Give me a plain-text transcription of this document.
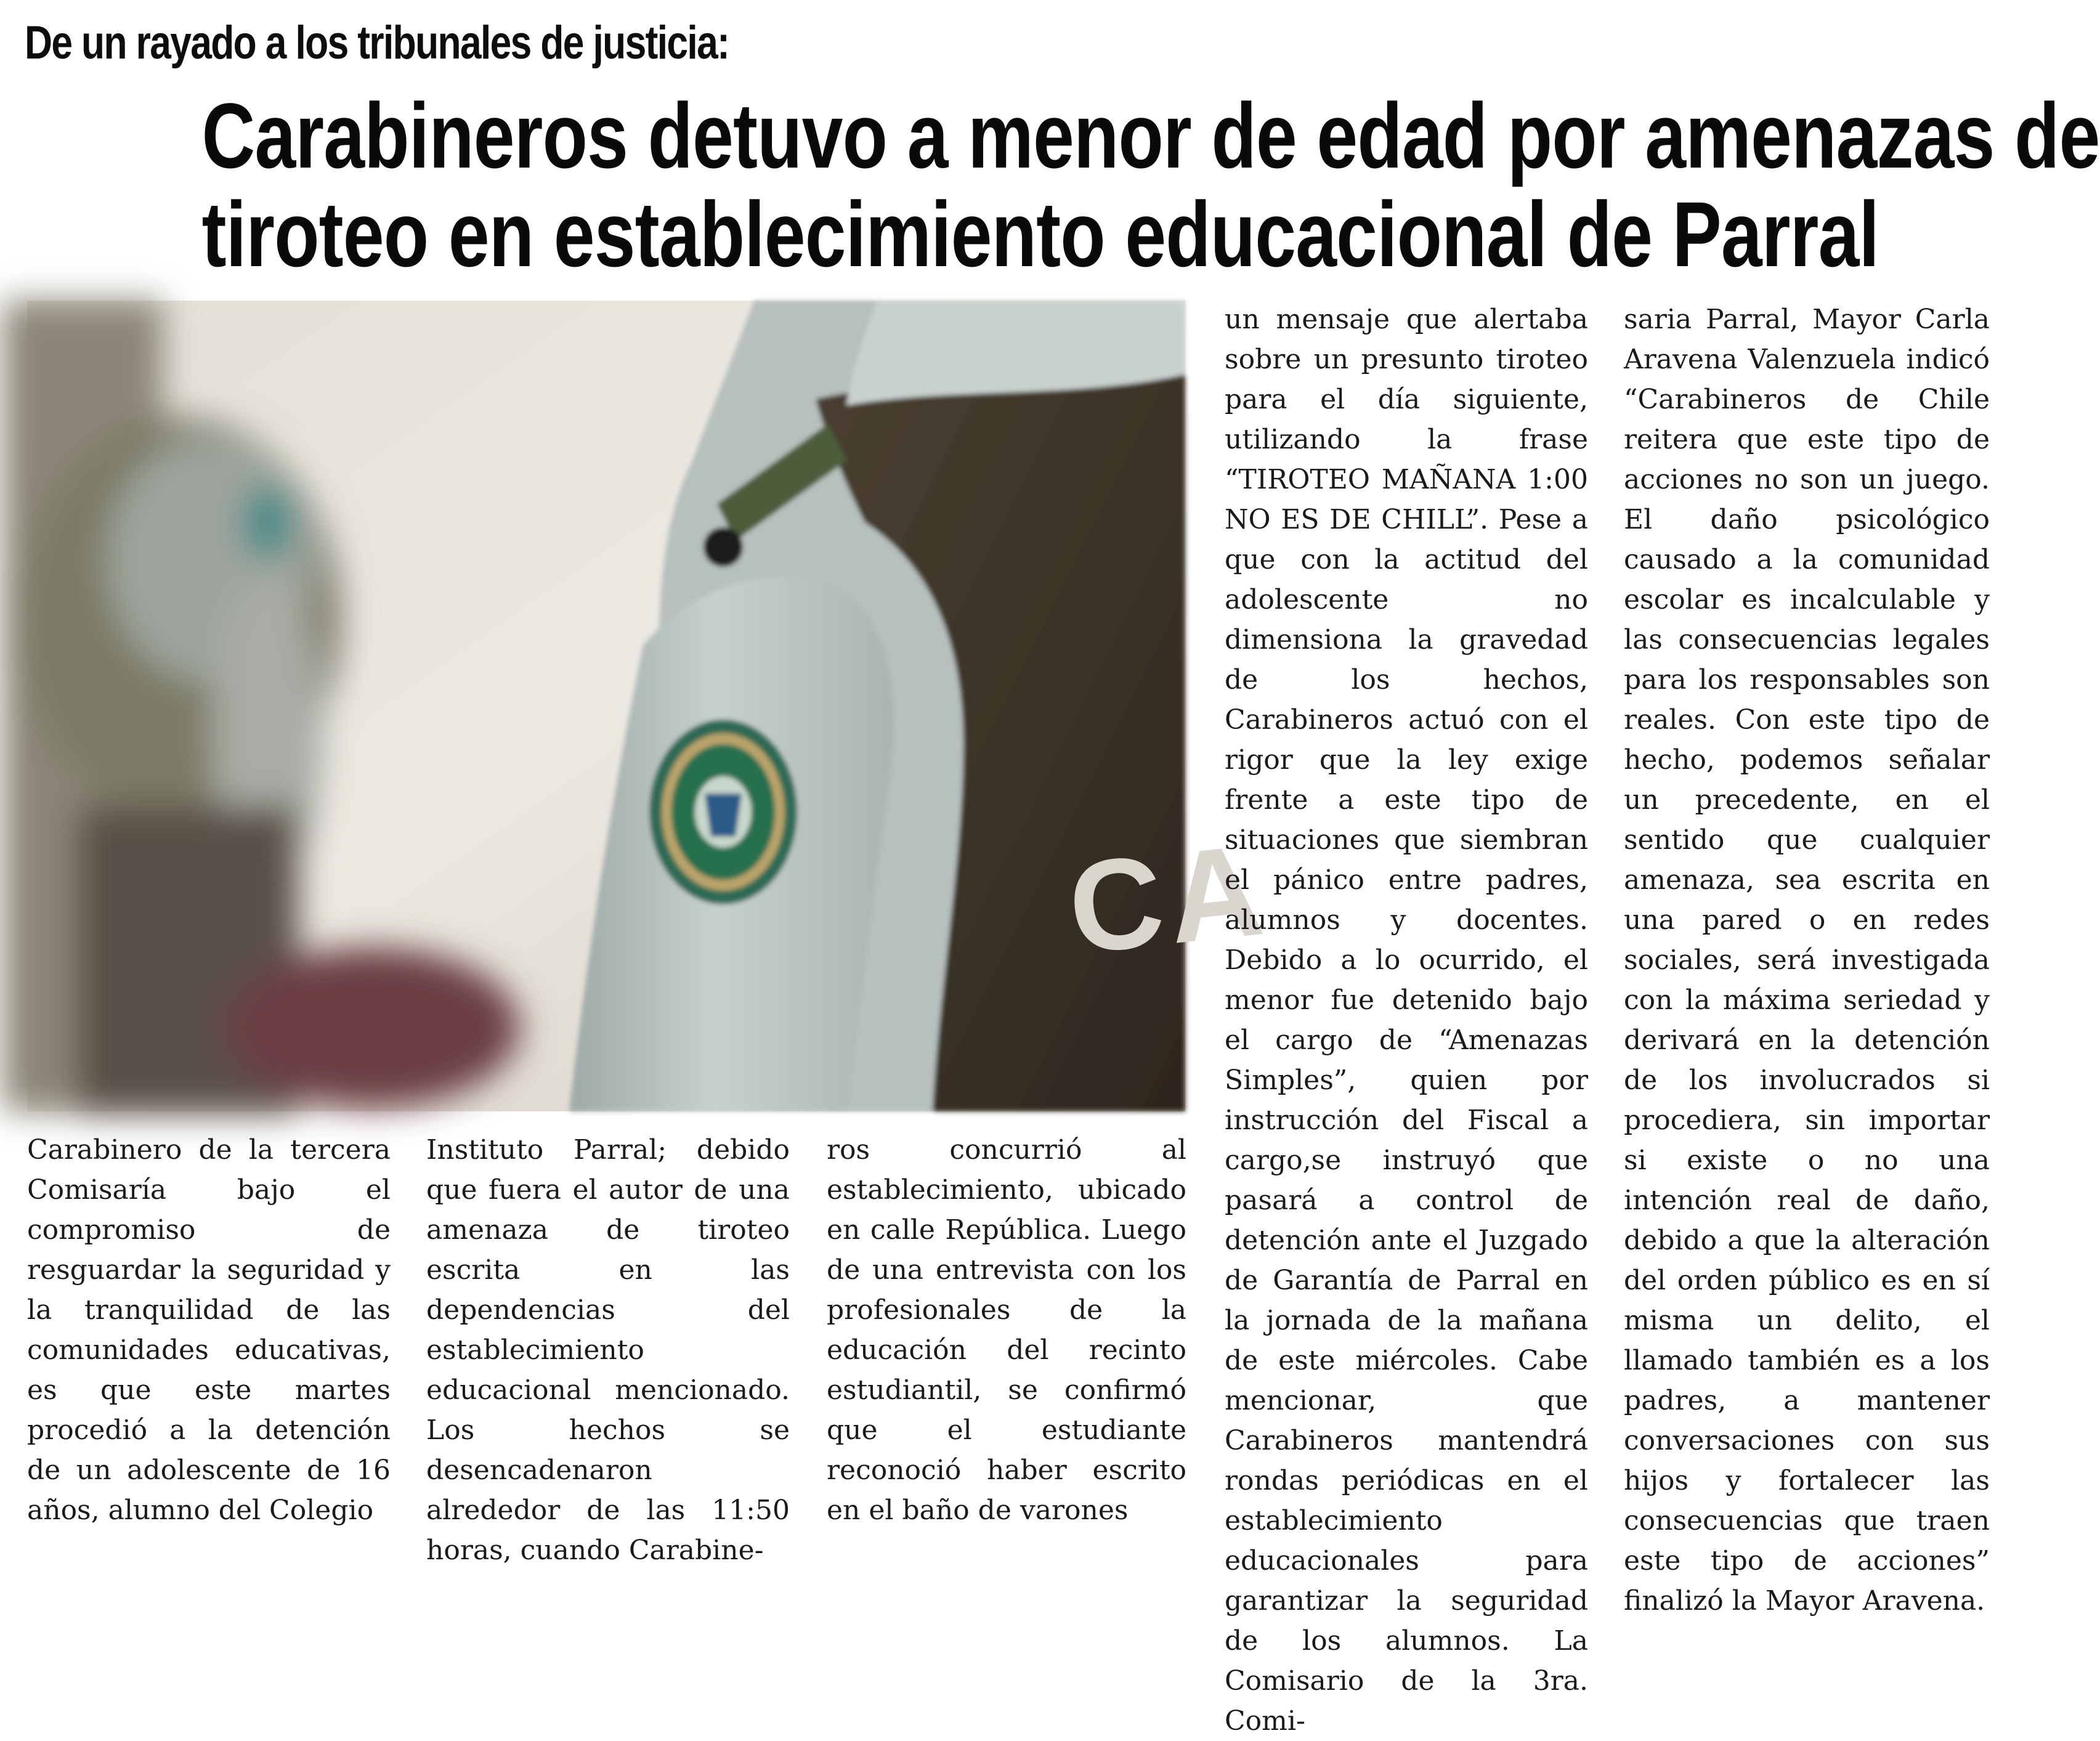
De un rayado a los tribunales de justicia:
Carabineros detuvo a menor de edad por amenazas de
tiroteo en establecimiento educacional de Parral
CA

Carabinero de la tercera Comisaría bajo el compromiso de resguardar la seguridad y la tranquilidad de las comunidades educativas, es que este martes procedió a la detención de un adolescente de 16 años, alumno del Colegio

Instituto Parral; debido que fuera el autor de una amenaza de tiroteo escrita en las dependencias del establecimiento educacional mencionado. Los hechos se desencadenaron alrededor de las 11:50 horas, cuando Carabine-

ros concurrió al establecimiento, ubicado en calle República. Luego de una entrevista con los profesionales de la educación del recinto estudiantil, se confirmó que el estudiante reconoció haber escrito en el baño de varones

un mensaje que alertaba sobre un presunto tiroteo para el día siguiente, utilizando la frase “TIROTEO MAÑANA 1:00 NO ES DE CHILL”. Pese a que con la actitud del adolescente no dimensiona la gravedad de los hechos, Carabineros actuó con el rigor que la ley exige frente a este tipo de situaciones que siembran el pánico entre padres, alumnos y docentes. Debido a lo ocurrido, el menor fue detenido bajo el cargo de “Amenazas Simples”, quien por instrucción del Fiscal a cargo,se instruyó que pasará a control de detención ante el Juzgado de Garantía de Parral en la jornada de la mañana de este miércoles. Cabe mencionar, que Carabineros mantendrá rondas periódicas en el establecimiento educacionales para garantizar la seguridad de los alumnos. La Comisario de la 3ra. Comi-

saria Parral, Mayor Carla Aravena Valenzuela indicó “Carabineros de Chile reitera que este tipo de acciones no son un juego. El daño psicológico causado a la comunidad escolar es incalculable y las consecuencias legales para los responsables son reales. Con este tipo de hecho, podemos señalar un precedente, en el sentido que cualquier amenaza, sea escrita en una pared o en redes sociales, será investigada con la máxima seriedad y derivará en la detención de los involucrados si procediera, sin importar si existe o no una intención real de daño, debido a que la alteración del orden público es en sí misma un delito, el llamado también es a los padres, a mantener conversaciones con sus hijos y fortalecer las consecuencias que traen este tipo de acciones” finalizó la Mayor Aravena.
